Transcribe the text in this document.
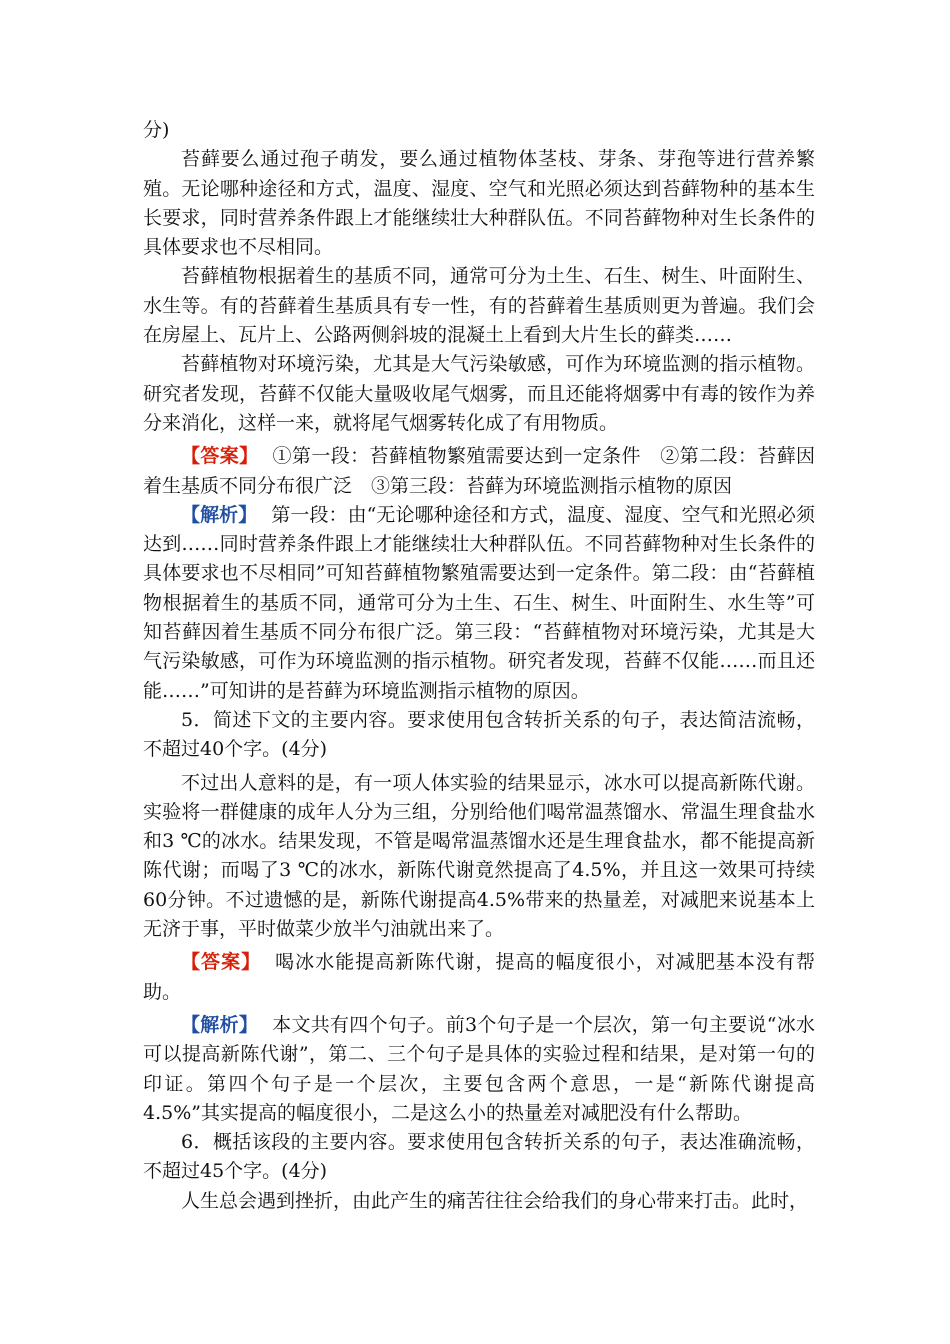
分)

苔藓要么通过孢子萌发，要么通过植物体茎枝、芽条、芽孢等进行营养繁殖。无论哪种途径和方式，温度、湿度、空气和光照必须达到苔藓物种的基本生长要求，同时营养条件跟上才能继续壮大种群队伍。不同苔藓物种对生长条件的具体要求也不尽相同。

苔藓植物根据着生的基质不同，通常可分为土生、石生、树生、叶面附生、水生等。有的苔藓着生基质具有专一性，有的苔藓着生基质则更为普遍。我们会在房屋上、瓦片上、公路两侧斜坡的混凝土上看到大片生长的藓类……

苔藓植物对环境污染，尤其是大气污染敏感，可作为环境监测的指示植物。研究者发现，苔藓不仅能大量吸收尾气烟雾，而且还能将烟雾中有毒的铵作为养分来消化，这样一来，就将尾气烟雾转化成了有用物质。

【答案】 ①第一段：苔藓植物繁殖需要达到一定条件　②第二段：苔藓因着生基质不同分布很广泛　③第三段：苔藓为环境监测指示植物的原因

【解析】 第一段：由“无论哪种途径和方式，温度、湿度、空气和光照必须达到……同时营养条件跟上才能继续壮大种群队伍。不同苔藓物种对生长条件的具体要求也不尽相同”可知苔藓植物繁殖需要达到一定条件。第二段：由“苔藓植物根据着生的基质不同，通常可分为土生、石生、树生、叶面附生、水生等”可知苔藓因着生基质不同分布很广泛。第三段：“苔藓植物对环境污染，尤其是大气污染敏感，可作为环境监测的指示植物。研究者发现，苔藓不仅能……而且还能……”可知讲的是苔藓为环境监测指示植物的原因。

5．简述下文的主要内容。要求使用包含转折关系的句子，表达简洁流畅，不超过40个字。(4分)

不过出人意料的是，有一项人体实验的结果显示，冰水可以提高新陈代谢。实验将一群健康的成年人分为三组，分别给他们喝常温蒸馏水、常温生理食盐水和3 ℃的冰水。结果发现，不管是喝常温蒸馏水还是生理食盐水，都不能提高新陈代谢；而喝了3 ℃的冰水，新陈代谢竟然提高了4.5%，并且这一效果可持续60分钟。不过遗憾的是，新陈代谢提高4.5%带来的热量差，对减肥来说基本上无济于事，平时做菜少放半勺油就出来了。

【答案】 喝冰水能提高新陈代谢，提高的幅度很小，对减肥基本没有帮助。

【解析】 本文共有四个句子。前3个句子是一个层次，第一句主要说“冰水可以提高新陈代谢”，第二、三个句子是具体的实验过程和结果，是对第一句的印证。第四个句子是一个层次，主要包含两个意思，一是“新陈代谢提高4.5%”其实提高的幅度很小，二是这么小的热量差对减肥没有什么帮助。

6．概括该段的主要内容。要求使用包含转折关系的句子，表达准确流畅，不超过45个字。(4分)

人生总会遇到挫折，由此产生的痛苦往往会给我们的身心带来打击。此时，
